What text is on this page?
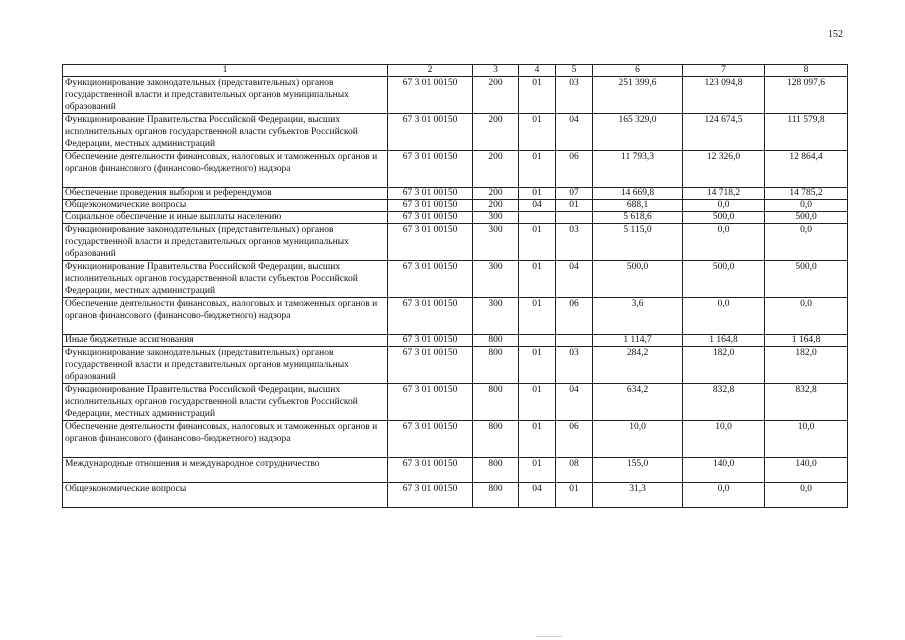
152
1	2	3	4	5	6	7	8
Функционирование законодательных (представительных) органов государственной власти и представительных органов муниципальных образований	67 3 01 00150	200	01	03	251 399,6	123 094,8	128 097,6
Функционирование Правительства Российской Федерации, высших исполнительных органов государственной власти субъектов Российской Федерации, местных администраций	67 3 01 00150	200	01	04	165 329,0	124 674,5	111 579,8
Обеспечение деятельности финансовых, налоговых и таможенных органов и органов финансового (финансово-бюджетного) надзора	67 3 01 00150	200	01	06	11 793,3	12 326,0	12 864,4
Обеспечение проведения выборов и референдумов	67 3 01 00150	200	01	07	14 669,8	14 718,2	14 785,2
Общеэкономические вопросы	67 3 01 00150	200	04	01	688,1	0,0	0,0
Социальное обеспечение и иные выплаты населению	67 3 01 00150	300			5 618,6	500,0	500,0
Функционирование законодательных (представительных) органов государственной власти и представительных органов муниципальных образований	67 3 01 00150	300	01	03	5 115,0	0,0	0,0
Функционирование Правительства Российской Федерации, высших исполнительных органов государственной власти субъектов Российской Федерации, местных администраций	67 3 01 00150	300	01	04	500,0	500,0	500,0
Обеспечение деятельности финансовых, налоговых и таможенных органов и органов финансового (финансово-бюджетного) надзора	67 3 01 00150	300	01	06	3,6	0,0	0,0
Иные бюджетные ассигнования	67 3 01 00150	800			1 114,7	1 164,8	1 164,8
Функционирование законодательных (представительных) органов государственной власти и представительных органов муниципальных образований	67 3 01 00150	800	01	03	284,2	182,0	182,0
Функционирование Правительства Российской Федерации, высших исполнительных органов государственной власти субъектов Российской Федерации, местных администраций	67 3 01 00150	800	01	04	634,2	832,8	832,8
Обеспечение деятельности финансовых, налоговых и таможенных органов и органов финансового (финансово-бюджетного) надзора	67 3 01 00150	800	01	06	10,0	10,0	10,0
Международные отношения и международное сотрудничество	67 3 01 00150	800	01	08	155,0	140,0	140,0
Общеэкономические вопросы	67 3 01 00150	800	04	01	31,3	0,0	0,0
